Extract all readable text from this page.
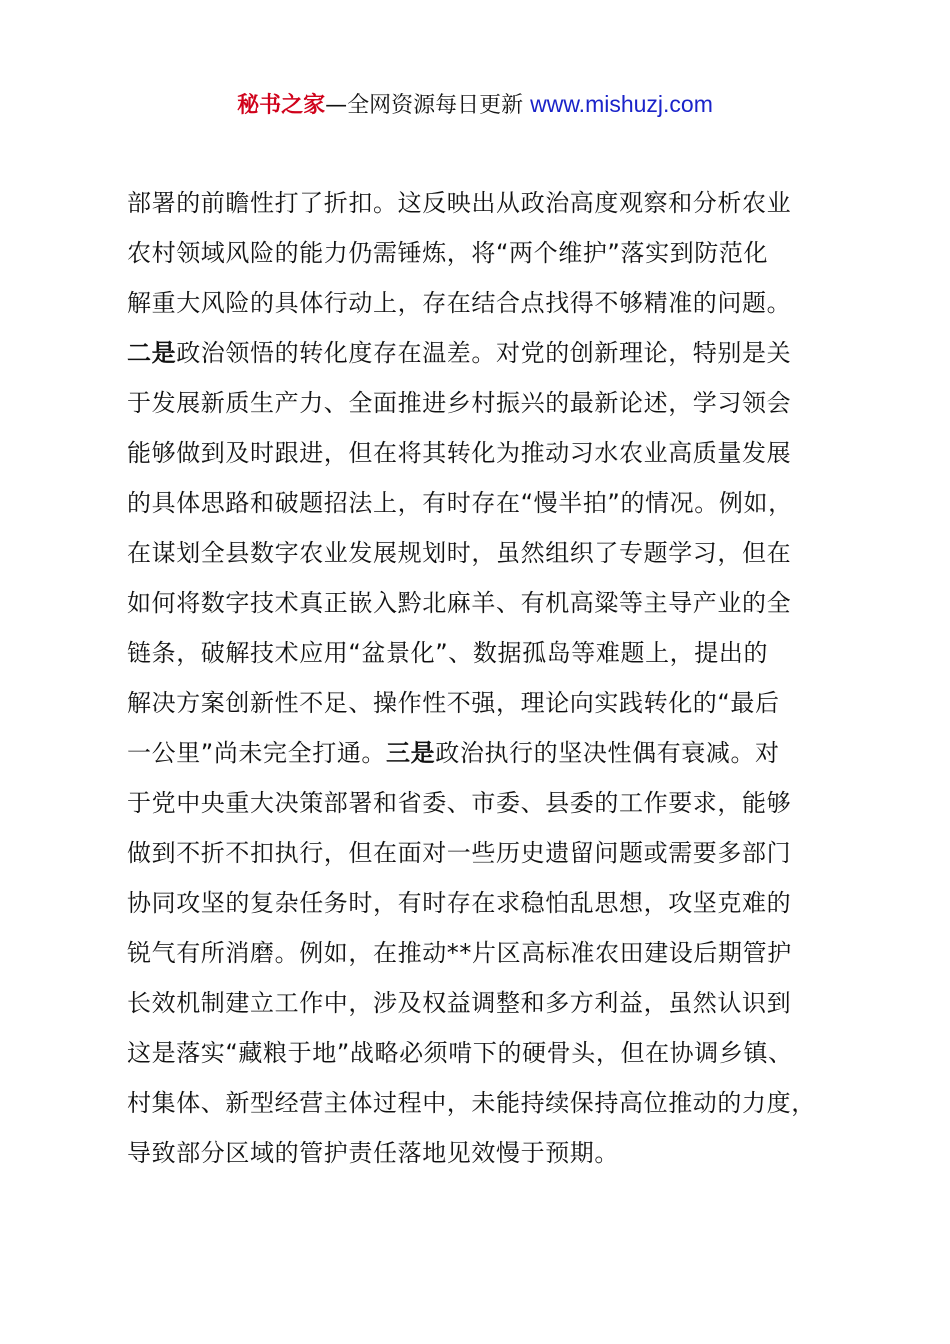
秘书之家—全网资源每日更新 www.mishuzj.com
部署的前瞻性打了折扣。这反映出从政治高度观察和分析农业
农村领域风险的能力仍需锤炼，将“两个维护”落实到防范化
解重大风险的具体行动上，存在结合点找得不够精准的问题。
二是政治领悟的转化度存在温差。对党的创新理论，特别是关
于发展新质生产力、全面推进乡村振兴的最新论述，学习领会
能够做到及时跟进，但在将其转化为推动习水农业高质量发展
的具体思路和破题招法上，有时存在“慢半拍”的情况。例如，
在谋划全县数字农业发展规划时，虽然组织了专题学习，但在
如何将数字技术真正嵌入黔北麻羊、有机高粱等主导产业的全
链条，破解技术应用“盆景化”、数据孤岛等难题上，提出的
解决方案创新性不足、操作性不强，理论向实践转化的“最后
一公里”尚未完全打通。三是政治执行的坚决性偶有衰减。对
于党中央重大决策部署和省委、市委、县委的工作要求，能够
做到不折不扣执行，但在面对一些历史遗留问题或需要多部门
协同攻坚的复杂任务时，有时存在求稳怕乱思想，攻坚克难的
锐气有所消磨。例如，在推动**片区高标准农田建设后期管护
长效机制建立工作中，涉及权益调整和多方利益，虽然认识到
这是落实“藏粮于地”战略必须啃下的硬骨头，但在协调乡镇、
村集体、新型经营主体过程中，未能持续保持高位推动的力度，
导致部分区域的管护责任落地见效慢于预期。
